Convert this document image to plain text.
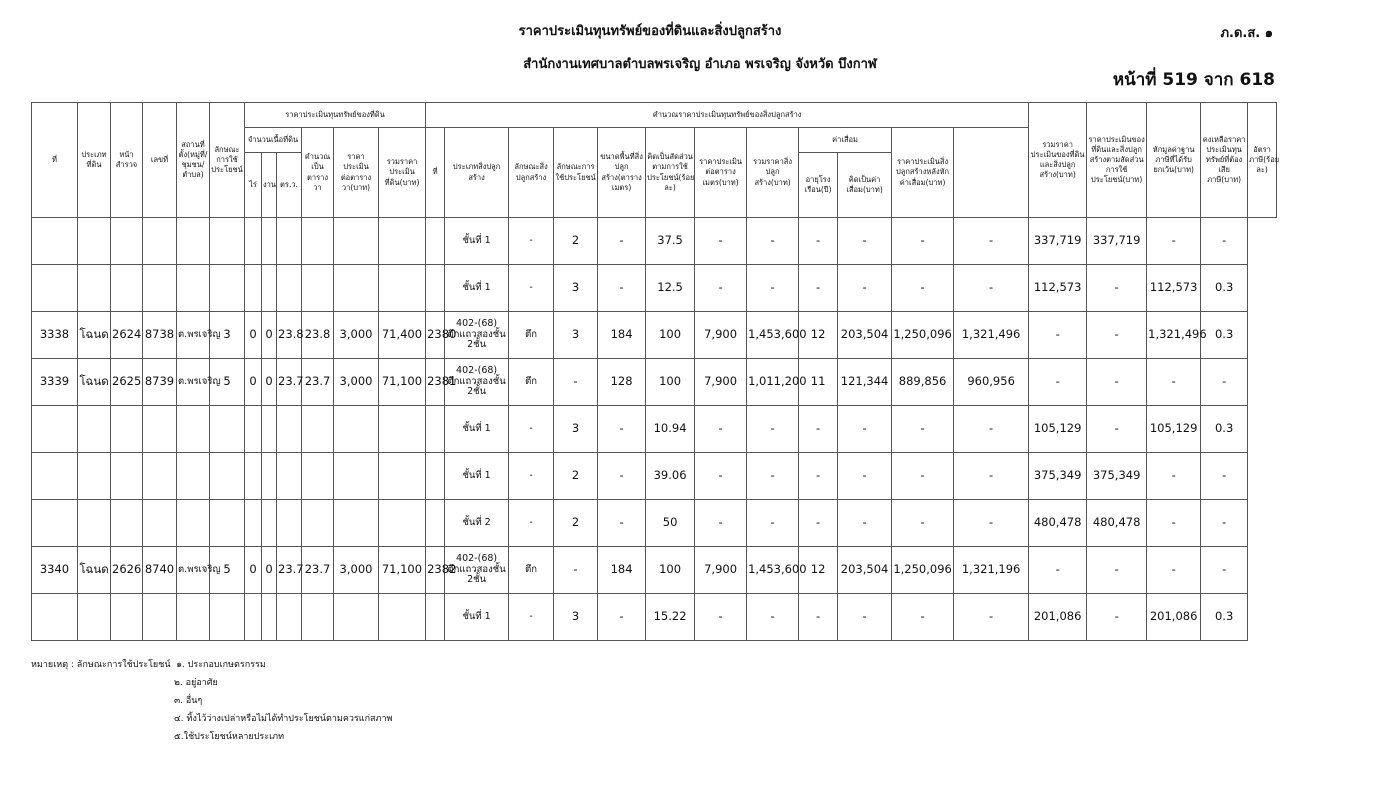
ราคาประเมินทุนทรัพย์ของที่ดินและสิ่งปลูกสร้าง
สำนักงานเทศบาลตำบลพรเจริญ อำเภอ พรเจริญ จังหวัด บึงกาฬ
ภ.ด.ส. ๑
หน้าที่ 519 จาก 618
ที่	ประเภทที่ดิน	หน้าสำรวจ	เลขที่	สถานที่ตั้ง(หมู่ที่/ชุมชน/ตำบล)	ลักษณะการใช้ประโยชน์	ราคาประเมินทุนทรัพย์ของที่ดิน						คำนวณราคาประเมินทุนทรัพย์ของสิ่งปลูกสร้าง												รวมราคาประเมินของที่ดินและสิ่งปลูกสร้าง(บาท)	ราคาประเมินของที่ดินและสิ่งปลูกสร้างตามสัดส่วนการใช้ประโยชน์(บาท)	หักมูลค่าฐานภาษีที่ได้รับยกเว้น(บาท)	คงเหลือราคาประเมินทุนทรัพย์ที่ต้องเสียภาษี(บาท)	อัตราภาษี(ร้อยละ)
						จำนวนเนื้อที่ดิน			คำนวณเป็นตารางวา	ราคาประเมินต่อตารางวา(บาท)	รวมราคาประเมินที่ดิน(บาท)	ที่	ประเภทสิ่งปลูกสร้าง	ลักษณะสิ่งปลูกสร้าง	ลักษณะการใช้ประโยชน์	ขนาดพื้นที่สิ่งปลูกสร้าง(ตารางเมตร)	คิดเป็นสัดส่วนตามการใช้ประโยชน์(ร้อยละ)	ราคาประเมินต่อตารางเมตร(บาท)	รวมราคาสิ่งปลูกสร้าง(บาท)	ค่าเสื่อม		ราคาประเมินสิ่งปลูกสร้างหลังหักค่าเสื่อม(บาท)						
						ไร่	งาน	ตร.ว.												อายุโรงเรือน(ปี)	คิดเป็นค่าเสื่อม(บาท)							
													ชั้นที่ 1	-	2	-	37.5	-	-	-	-	-	-	337,719	337,719	-	-	
													ชั้นที่ 1	-	3	-	12.5	-	-	-	-	-	-	112,573	-	112,573	0.3	
3338	โฉนด	2624	8738	ต.พรเจริญ	3	0	0	23.8	23.8	3,000	71,400	2380	402-(68) ตึกแถวสองชั้น 2ชั้น	ตึก	3	184	100	7,900	1,453,600	12	203,504	1,250,096	1,321,496	-	-	1,321,496	0.3	
3339	โฉนด	2625	8739	ต.พรเจริญ	5	0	0	23.7	23.7	3,000	71,100	2381	402-(68) ตึกแถวสองชั้น 2ชั้น	ตึก	-	128	100	7,900	1,011,200	11	121,344	889,856	960,956	-	-	-	-	
													ชั้นที่ 1	-	3	-	10.94	-	-	-	-	-	-	105,129	-	105,129	0.3	
													ชั้นที่ 1	-	2	-	39.06	-	-	-	-	-	-	375,349	375,349	-	-	
													ชั้นที่ 2	-	2	-	50	-	-	-	-	-	-	480,478	480,478	-	-	
3340	โฉนด	2626	8740	ต.พรเจริญ	5	0	0	23.7	23.7	3,000	71,100	2382	402-(68) ตึกแถวสองชั้น 2ชั้น	ตึก	-	184	100	7,900	1,453,600	12	203,504	1,250,096	1,321,196	-	-	-	-	
													ชั้นที่ 1	-	3	-	15.22	-	-	-	-	-	-	201,086	-	201,086	0.3	
หมายเหตุ : ลักษณะการใช้ประโยชน์ ๑. ประกอบเกษตรกรรม
๒. อยู่อาศัย
๓. อื่นๆ
๔. ทิ้งไว้ว่างเปล่าหรือไม่ได้ทำประโยชน์ตามควรแก่สภาพ
๕.ใช้ประโยชน์หลายประเภท
